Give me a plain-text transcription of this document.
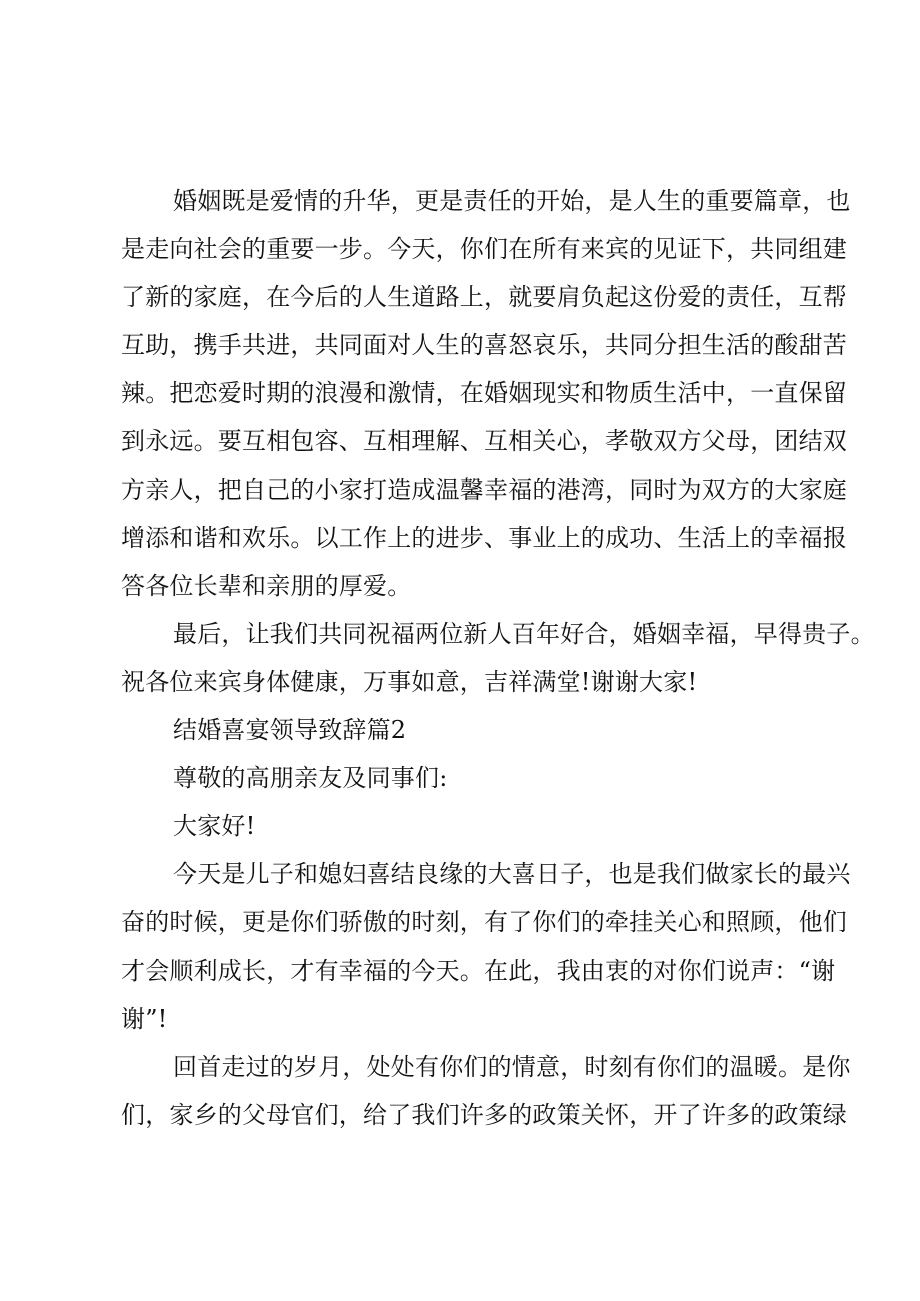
婚姻既是爱情的升华，更是责任的开始，是人生的重要篇章，也
是走向社会的重要一步。今天，你们在所有来宾的见证下，共同组建
了新的家庭，在今后的人生道路上，就要肩负起这份爱的责任，互帮
互助，携手共进，共同面对人生的喜怒哀乐，共同分担生活的酸甜苦
辣。把恋爱时期的浪漫和激情，在婚姻现实和物质生活中，一直保留
到永远。要互相包容、互相理解、互相关心，孝敬双方父母，团结双
方亲人，把自己的小家打造成温馨幸福的港湾，同时为双方的大家庭
增添和谐和欢乐。以工作上的进步、事业上的成功、生活上的幸福报
答各位长辈和亲朋的厚爱。
最后，让我们共同祝福两位新人百年好合，婚姻幸福，早得贵子。
祝各位来宾身体健康，万事如意，吉祥满堂!谢谢大家!
结婚喜宴领导致辞篇2
尊敬的高朋亲友及同事们:
大家好!
今天是儿子和媳妇喜结良缘的大喜日子，也是我们做家长的最兴
奋的时候，更是你们骄傲的时刻，有了你们的牵挂关心和照顾，他们
才会顺利成长，才有幸福的今天。在此，我由衷的对你们说声：“谢
谢”!
回首走过的岁月，处处有你们的情意，时刻有你们的温暖。是你
们，家乡的父母官们，给了我们许多的政策关怀，开了许多的政策绿
